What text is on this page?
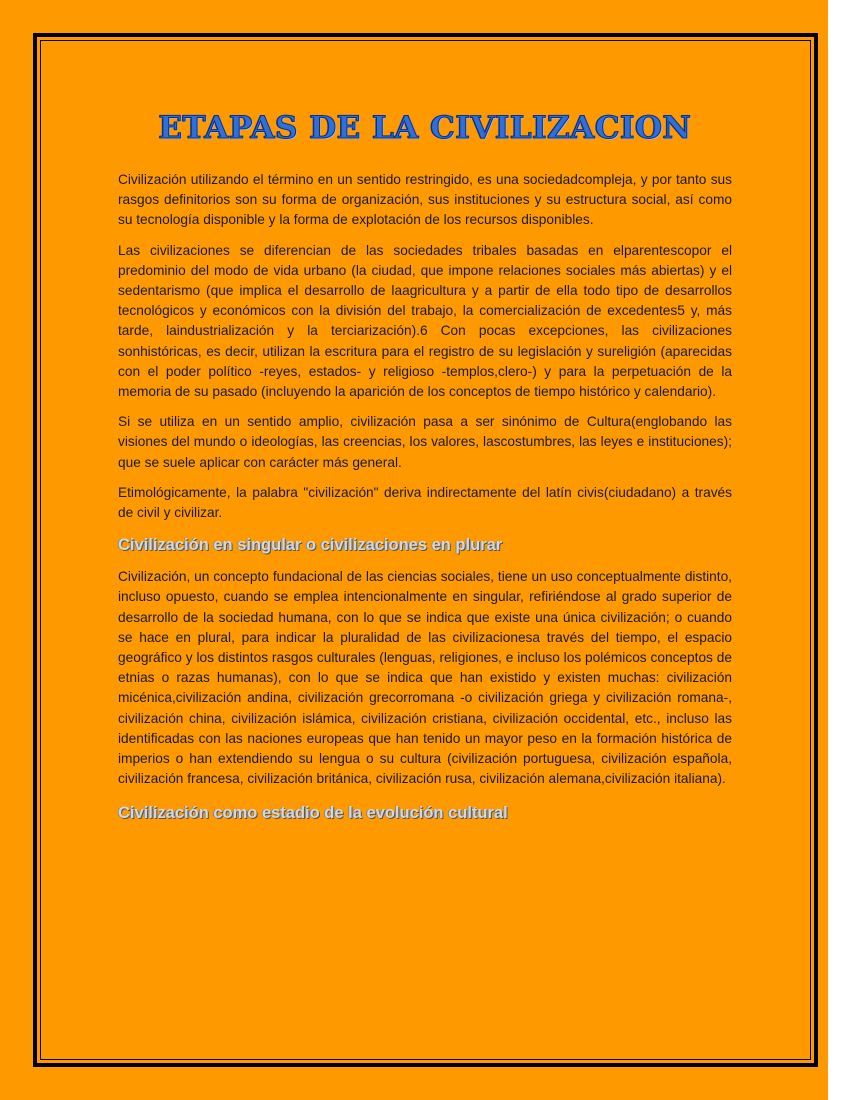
ETAPAS DE LA CIVILIZACION

Civilización utilizando el término en un sentido restringido, es una sociedadcompleja, y por tanto sus rasgos definitorios son su forma de organización, sus instituciones y su estructura social, así como su tecnología disponible y la forma de explotación de los recursos disponibles.

Las civilizaciones se diferencian de las sociedades tribales basadas en elparentescopor el predominio del modo de vida urbano (la ciudad, que impone relaciones sociales más abiertas) y el sedentarismo (que implica el desarrollo de laagricultura y a partir de ella todo tipo de desarrollos tecnológicos y económicos con la división del trabajo, la comercialización de excedentes5 y, más tarde, laindustrialización y la terciarización).6 Con pocas excepciones, las civilizaciones sonhistóricas, es decir, utilizan la escritura para el registro de su legislación y sureligión (aparecidas con el poder político -reyes, estados- y religioso -templos,clero-) y para la perpetuación de la memoria de su pasado (incluyendo la aparición de los conceptos de tiempo histórico y calendario).

Si se utiliza en un sentido amplio, civilización pasa a ser sinónimo de Cultura(englobando las visiones del mundo o ideologías, las creencias, los valores, lascostumbres, las leyes e instituciones); que se suele aplicar con carácter más general.

Etimológicamente, la palabra "civilización" deriva indirectamente del latín civis(ciudadano) a través de civil y civilizar.

Civilización en singular o civilizaciones en plurar

Civilización, un concepto fundacional de las ciencias sociales, tiene un uso conceptualmente distinto, incluso opuesto, cuando se emplea intencionalmente en singular, refiriéndose al grado superior de desarrollo de la sociedad humana, con lo que se indica que existe una única civilización; o cuando se hace en plural, para indicar la pluralidad de las civilizacionesa través del tiempo, el espacio geográfico y los distintos rasgos culturales (lenguas, religiones, e incluso los polémicos conceptos de etnias o razas humanas), con lo que se indica que han existido y existen muchas: civilización micénica,civilización andina, civilización grecorromana -o civilización griega y civilización romana-, civilización china, civilización islámica, civilización cristiana, civilización occidental, etc., incluso las identificadas con las naciones europeas que han tenido un mayor peso en la formación histórica de imperios o han extendiendo su lengua o su cultura (civilización portuguesa, civilización española, civilización francesa, civilización británica, civilización rusa, civilización alemana,civilización italiana).

Civilización como estadio de la evolución cultural
